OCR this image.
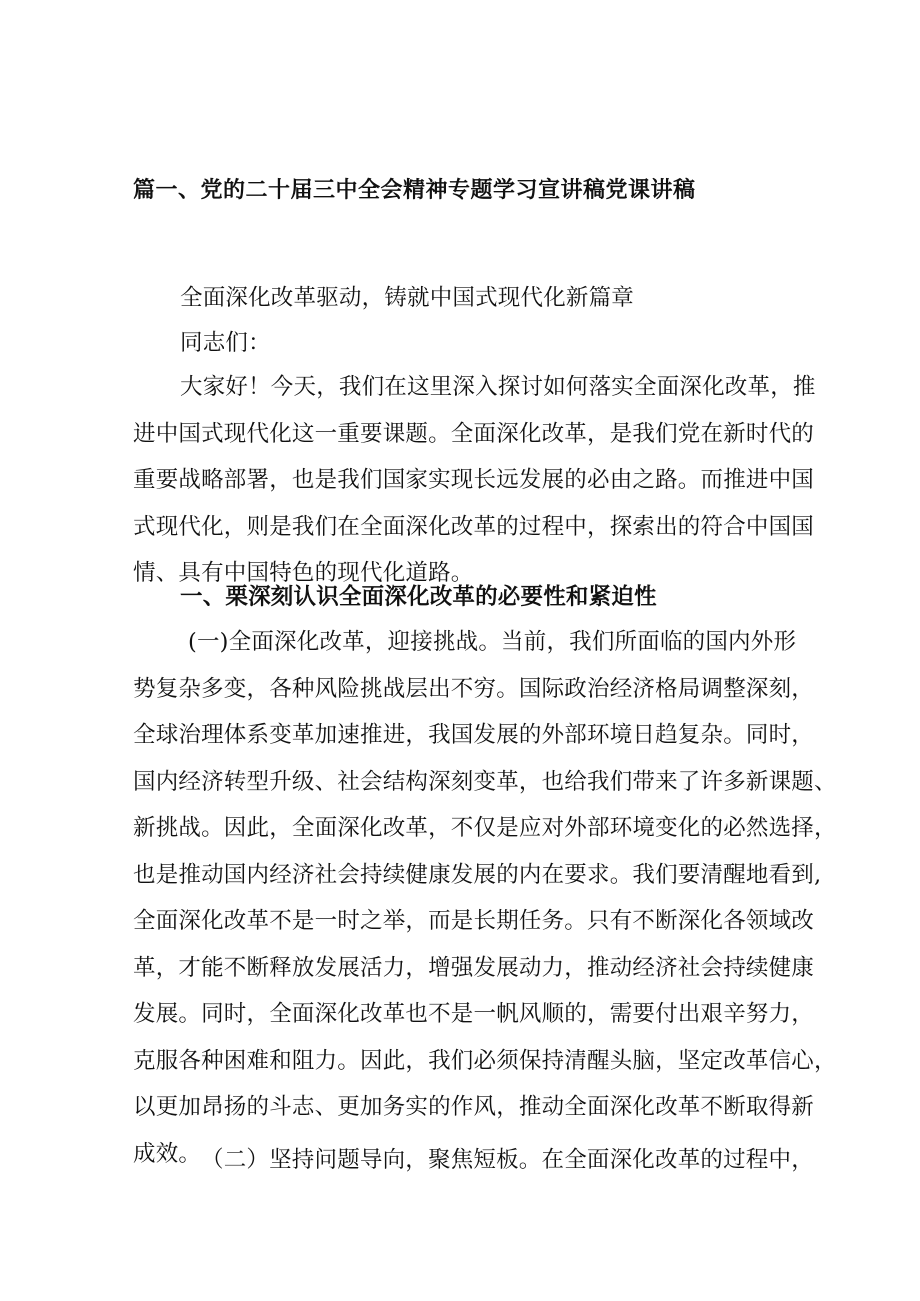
篇一、党的二十届三中全会精神专题学习宣讲稿党课讲稿
全面深化改革驱动，铸就中国式现代化新篇章
同志们：
大家好！今天，我们在这里深入探讨如何落实全面深化改革，推
进中国式现代化这一重要课题。全面深化改革，是我们党在新时代的
重要战略部署，也是我们国家实现长远发展的必由之路。而推进中国
式现代化，则是我们在全面深化改革的过程中，探索出的符合中国国
情、具有中国特色的现代化道路。
一、栗深刻认识全面深化改革的必要性和紧迫性
(一)全面深化改革，迎接挑战。当前，我们所面临的国内外形
势复杂多变，各种风险挑战层出不穷。国际政治经济格局调整深刻，
全球治理体系变革加速推进，我国发展的外部环境日趋复杂。同时，
国内经济转型升级、社会结构深刻变革，也给我们带来了许多新课题、
新挑战。因此，全面深化改革，不仅是应对外部环境变化的必然选择，
也是推动国内经济社会持续健康发展的内在要求。我们要清醒地看到,
全面深化改革不是一时之举，而是长期任务。只有不断深化各领域改
革，才能不断释放发展活力，增强发展动力，推动经济社会持续健康
发展。同时，全面深化改革也不是一帆风顺的，需要付出艰辛努力，
克服各种困难和阻力。因此，我们必须保持清醒头脑，坚定改革信心，
以更加昂扬的斗志、更加务实的作风，推动全面深化改革不断取得新
成效。 （二）坚持问题导向，聚焦短板。在全面深化改革的过程中，
